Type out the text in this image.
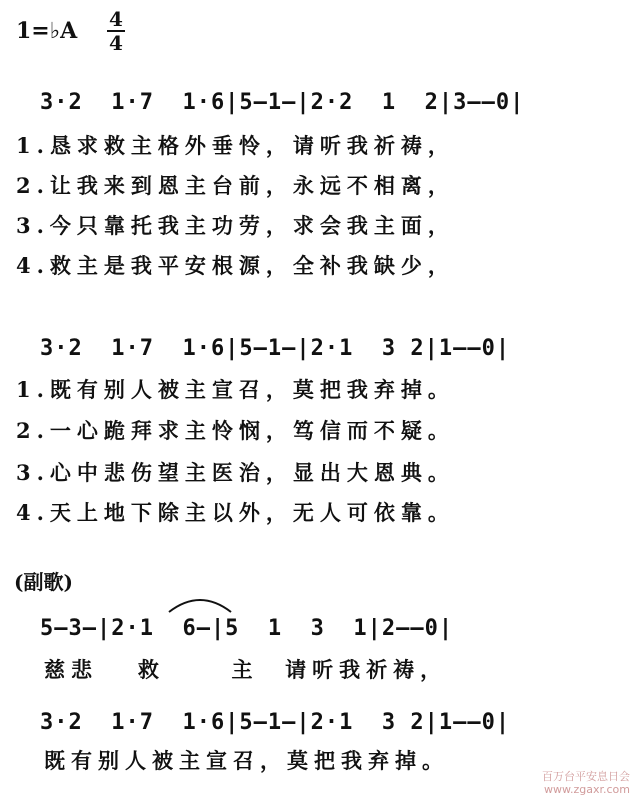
1=♭A 4
4
3·2  1·7  1·6|5–1–|2·2  1  2|3––0|
1.恳求救主格外垂怜，请听我祈祷，
2.让我来到恩主台前，永远不相离，
3.今只靠托我主功劳，求会我主面，
4.救主是我平安根源，全补我缺少，
3·2  1·7  1·6|5–1–|2·1  3 2|1––0|
1.既有别人被主宣召，莫把我弃掉。
2.一心跪拜求主怜悯，笃信而不疑。
3.心中悲伤望主医治，显出大恩典。
4.天上地下除主以外，无人可依靠。
(副歌)
5–3–|2·1  6–|5  1  3  1|2––0|
慈悲   救     主  请听我祈祷，
3·2  1·7  1·6|5–1–|2·1  3 2|1––0|
既有别人被主宣召，莫把我弃掉。
百万台平安息日会
www.zgaxr.com
